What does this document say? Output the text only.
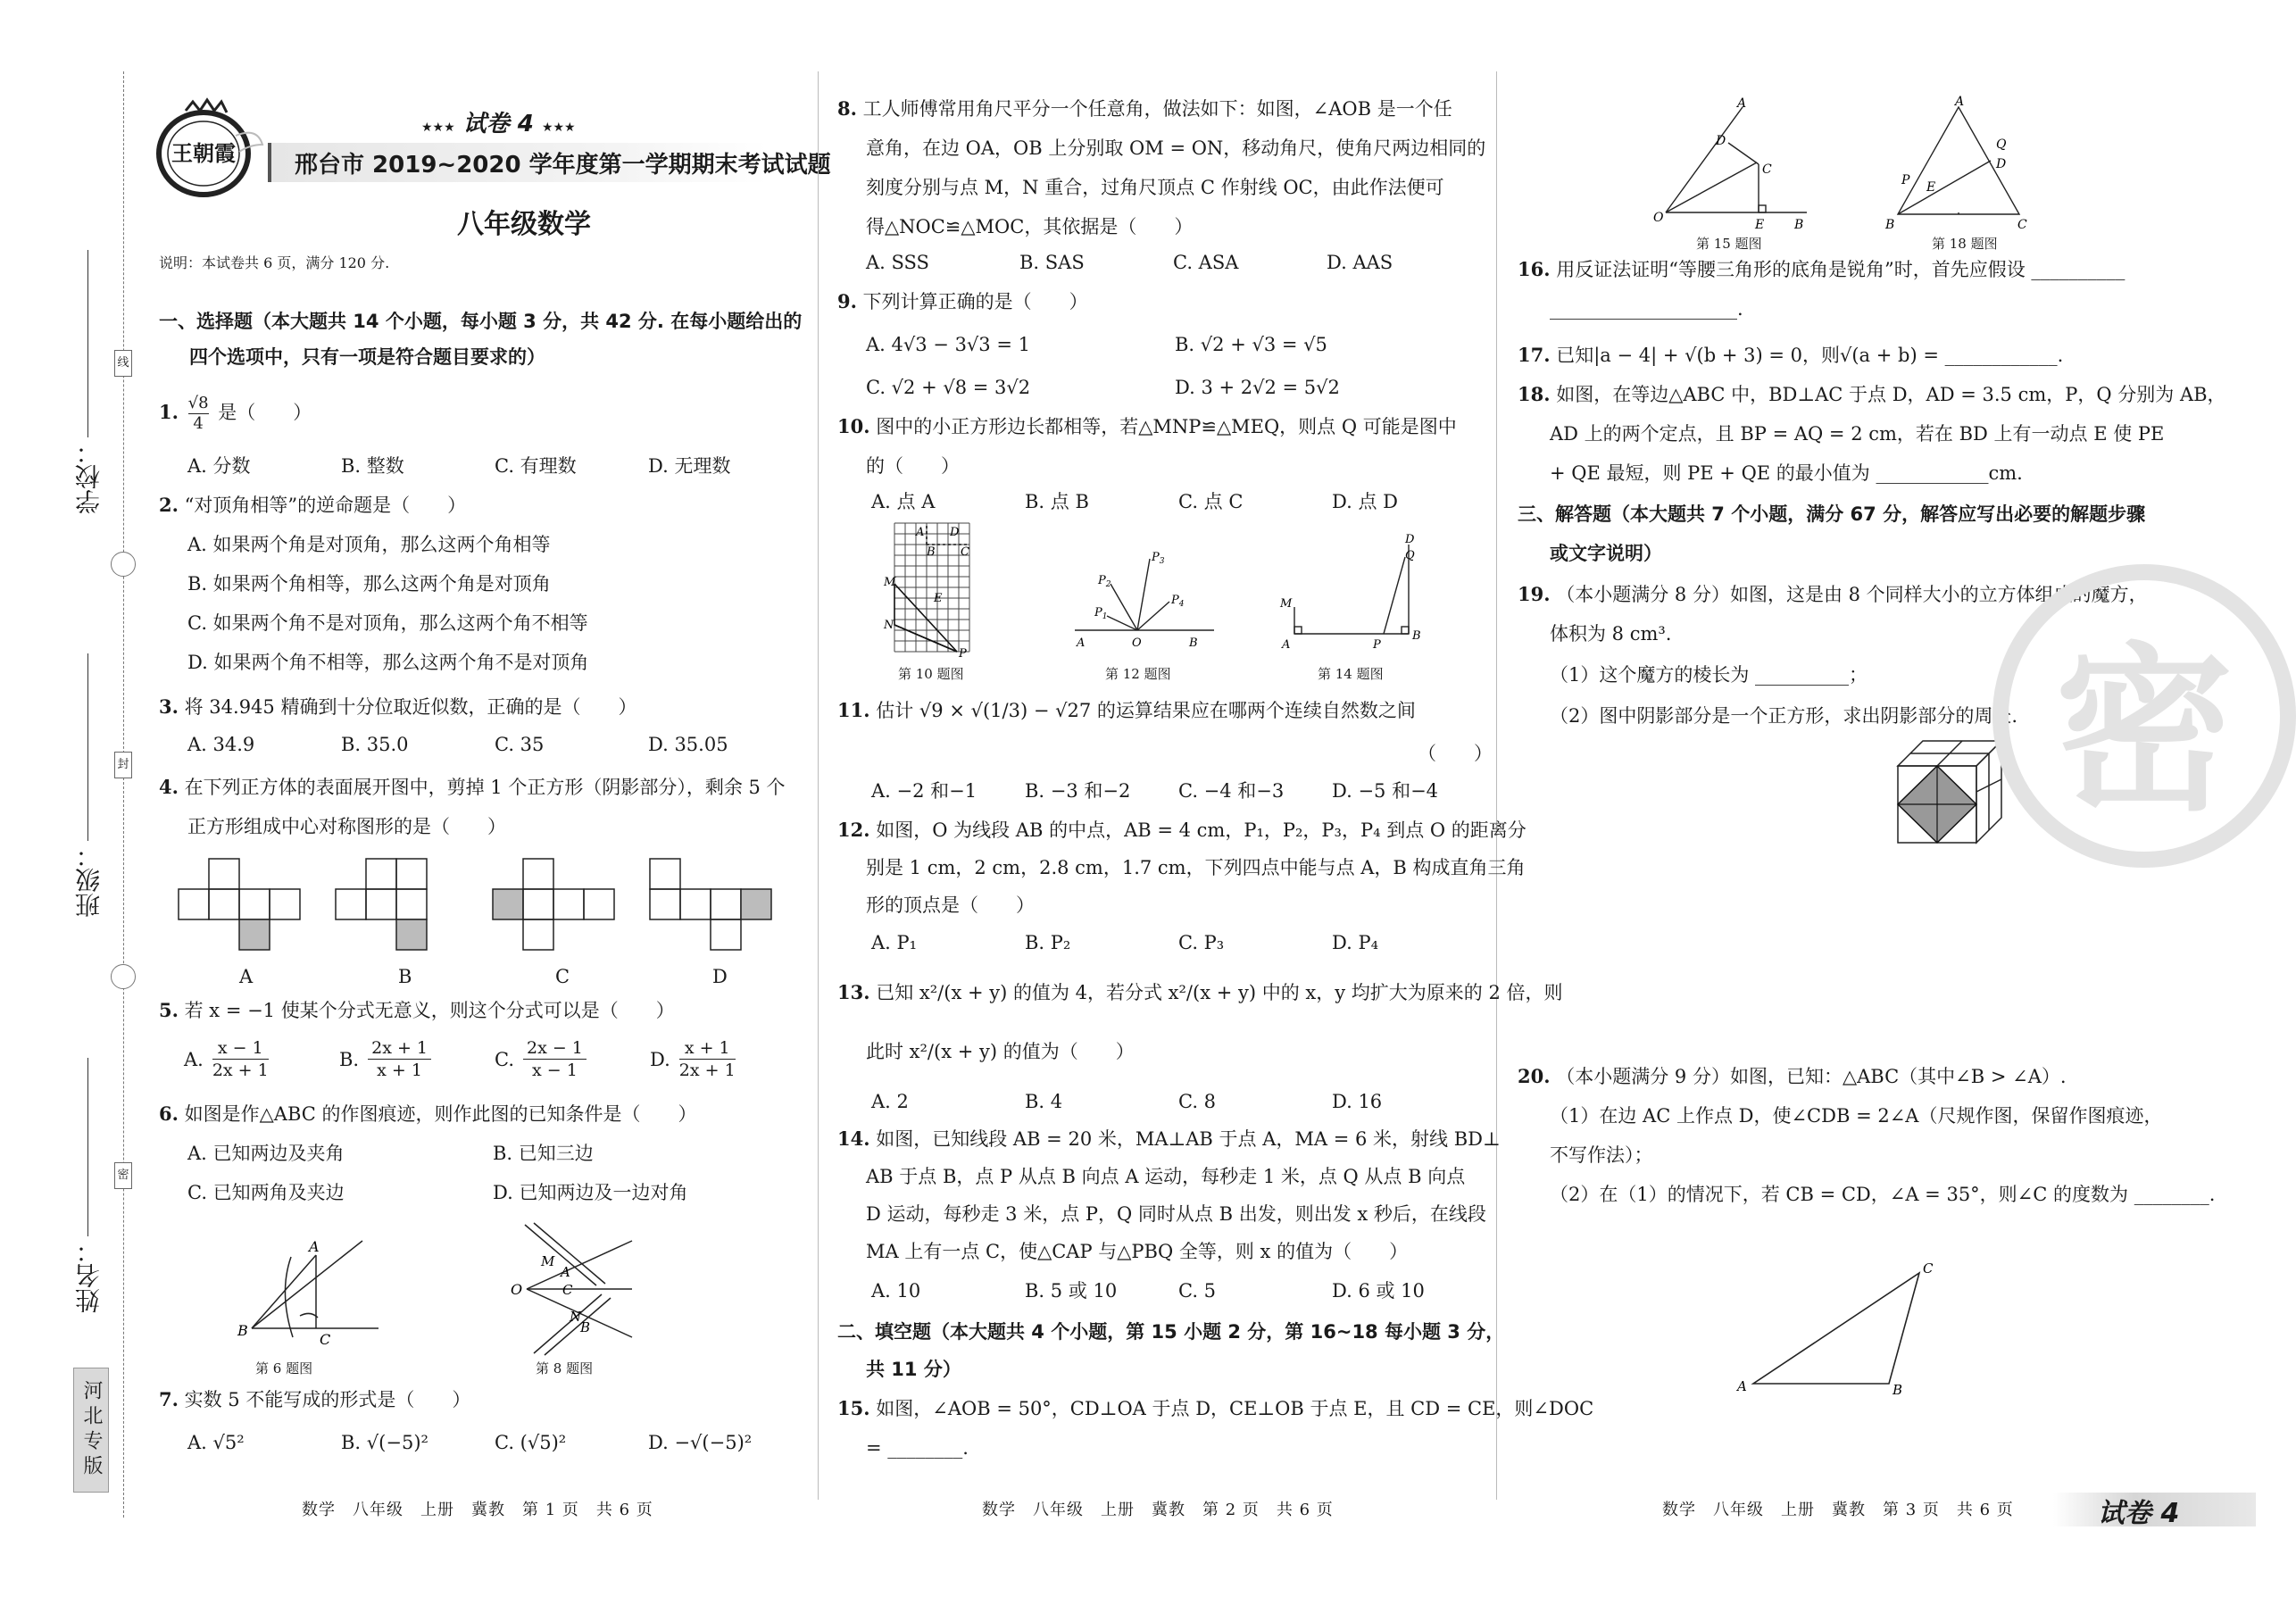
线
封
密
学校：
班级：
姓名：
河北专版
王朝霞
★★★ 试卷 4 ★★★
邢台市 2019~2020 学年度第一学期期末考试试题
八年级数学
说明：本试卷共 6 页，满分 120 分.
一、选择题（本大题共 14 个小题，每小题 3 分，共 42 分. 在每小题给出的
四个选项中，只有一项是符合题目要求的）
1. $\frac{√8}{4}$ 是（　　）
A. 分数	B. 整数	C. 有理数	D. 无理数
2. “对顶角相等”的逆命题是（　　）
A. 如果两个角是对顶角，那么这两个角相等
B. 如果两个角相等，那么这两个角是对顶角
C. 如果两个角不是对顶角，那么这两个角不相等
D. 如果两个角不相等，那么这两个角不是对顶角
3. 将 34.945 精确到十分位取近似数，正确的是（　　）
A. 34.9	B. 35.0	C. 35	D. 35.05
4. 在下列正方体的表面展开图中，剪掉 1 个正方形（阴影部分），剩余 5 个
正方形组成中心对称图形的是（　　）
A	B	C	D
5. 若 x = −1 使某个分式无意义，则这个分式可以是（　　）
A.
x − 1
2x + 1
B.
2x + 1
x + 1
C.
2x − 1
x − 1
D.
x + 1
2x + 1
6. 如图是作△ABC 的作图痕迹，则作此图的已知条件是（　　）
A. 已知两边及夹角	B. 已知三边
C. 已知两角及夹边	D. 已知两边及一边对角
B
A
C
第 6 题图
O
M
A
C
N
B
第 8 题图
7. 实数 5 不能写成的形式是（　　）
A. √5²	B. √(−5)²	C. (√5)²	D. −√(−5)²
数学　八年级　上册　冀教　第 1 页　共 6 页
8. 工人师傅常用角尺平分一个任意角，做法如下：如图，∠AOB 是一个任
意角，在边 OA，OB 上分别取 OM = ON，移动角尺，使角尺两边相同的
刻度分别与点 M，N 重合，过角尺顶点 C 作射线 OC，由此作法便可
得△NOC≌△MOC，其依据是（　　）
A. SSS	B. SAS	C. ASA	D. AAS
9. 下列计算正确的是（　　）
A. 4√3 − 3√3 = 1	B. √2 + √3 = √5
C. √2 + √8 = 3√2	D. 3 + 2√2 = 5√2
10. 图中的小正方形边长都相等，若△MNP≌△MEQ，则点 Q 可能是图中
的（　　）
A. 点 A	B. 点 B	C. 点 C	D. 点 D
A D
B C
M
E
N
P
第 10 题图
$P_3$
$P_2$
$P_4$
$P_1$
A	O	B
第 12 题图
M
A
D
Q
B
P
第 14 题图
11. 估计 √9 × √(1/3) − √27 的运算结果应在哪两个连续自然数之间
（　　）
A. −2 和−1	B. −3 和−2	C. −4 和−3	D. −5 和−4
12. 如图，O 为线段 AB 的中点，AB = 4 cm，P₁，P₂，P₃，P₄ 到点 O 的距离分
别是 1 cm，2 cm，2.8 cm，1.7 cm，下列四点中能与点 A，B 构成直角三角
形的顶点是（　　）
A. P₁	B. P₂	C. P₃	D. P₄
13. 已知 x²/(x + y) 的值为 4，若分式 x²/(x + y) 中的 x，y 均扩大为原来的 2 倍，则
此时 x²/(x + y) 的值为（　　）
A. 2	B. 4	C. 8	D. 16
14. 如图，已知线段 AB = 20 米，MA⊥AB 于点 A，MA = 6 米，射线 BD⊥
AB 于点 B，点 P 从点 B 向点 A 运动，每秒走 1 米，点 Q 从点 B 向点
D 运动，每秒走 3 米，点 P，Q 同时从点 B 出发，则出发 x 秒后，在线段
MA 上有一点 C，使△CAP 与△PBQ 全等，则 x 的值为（　　）
A. 10	B. 5 或 10	C. 5	D. 6 或 10
二、填空题（本大题共 4 个小题，第 15 小题 2 分，第 16~18 每小题 3 分，
共 11 分）
15. 如图，∠AOB = 50°，CD⊥OA 于点 D，CE⊥OB 于点 E，且 CD = CE，则∠DOC
= ________.
数学　八年级　上册　冀教　第 2 页　共 6 页
O
A
D
C
E B
第 15 题图
A
B	C
Q
D
P E
第 18 题图
16. 用反证法证明“等腰三角形的底角是锐角”时，首先应假设 __________
____________________.
17. 已知|a − 4| + √(b + 3) = 0，则√(a + b) = ____________.
18. 如图，在等边△ABC 中，BD⊥AC 于点 D，AD = 3.5 cm，P，Q 分别为 AB，
AD 上的两个定点，且 BP = AQ = 2 cm，若在 BD 上有一动点 E 使 PE
+ QE 最短，则 PE + QE 的最小值为 ____________cm.
三、解答题（本大题共 7 个小题，满分 67 分，解答应写出必要的解题步骤
或文字说明）
19. （本小题满分 8 分）如图，这是由 8 个同样大小的立方体组成的魔方，
体积为 8 cm³.
（1）这个魔方的棱长为 __________；
（2）图中阴影部分是一个正方形，求出阴影部分的周长.
20. （本小题满分 9 分）如图，已知：△ABC（其中∠B > ∠A）.
（1）在边 AC 上作点 D，使∠CDB = 2∠A（尺规作图，保留作图痕迹，
不写作法）；
（2）在（1）的情况下，若 CB = CD，∠A = 35°，则∠C 的度数为 ________.
A	B
C
密
数学　八年级　上册　冀教　第 3 页　共 6 页	试卷 4
